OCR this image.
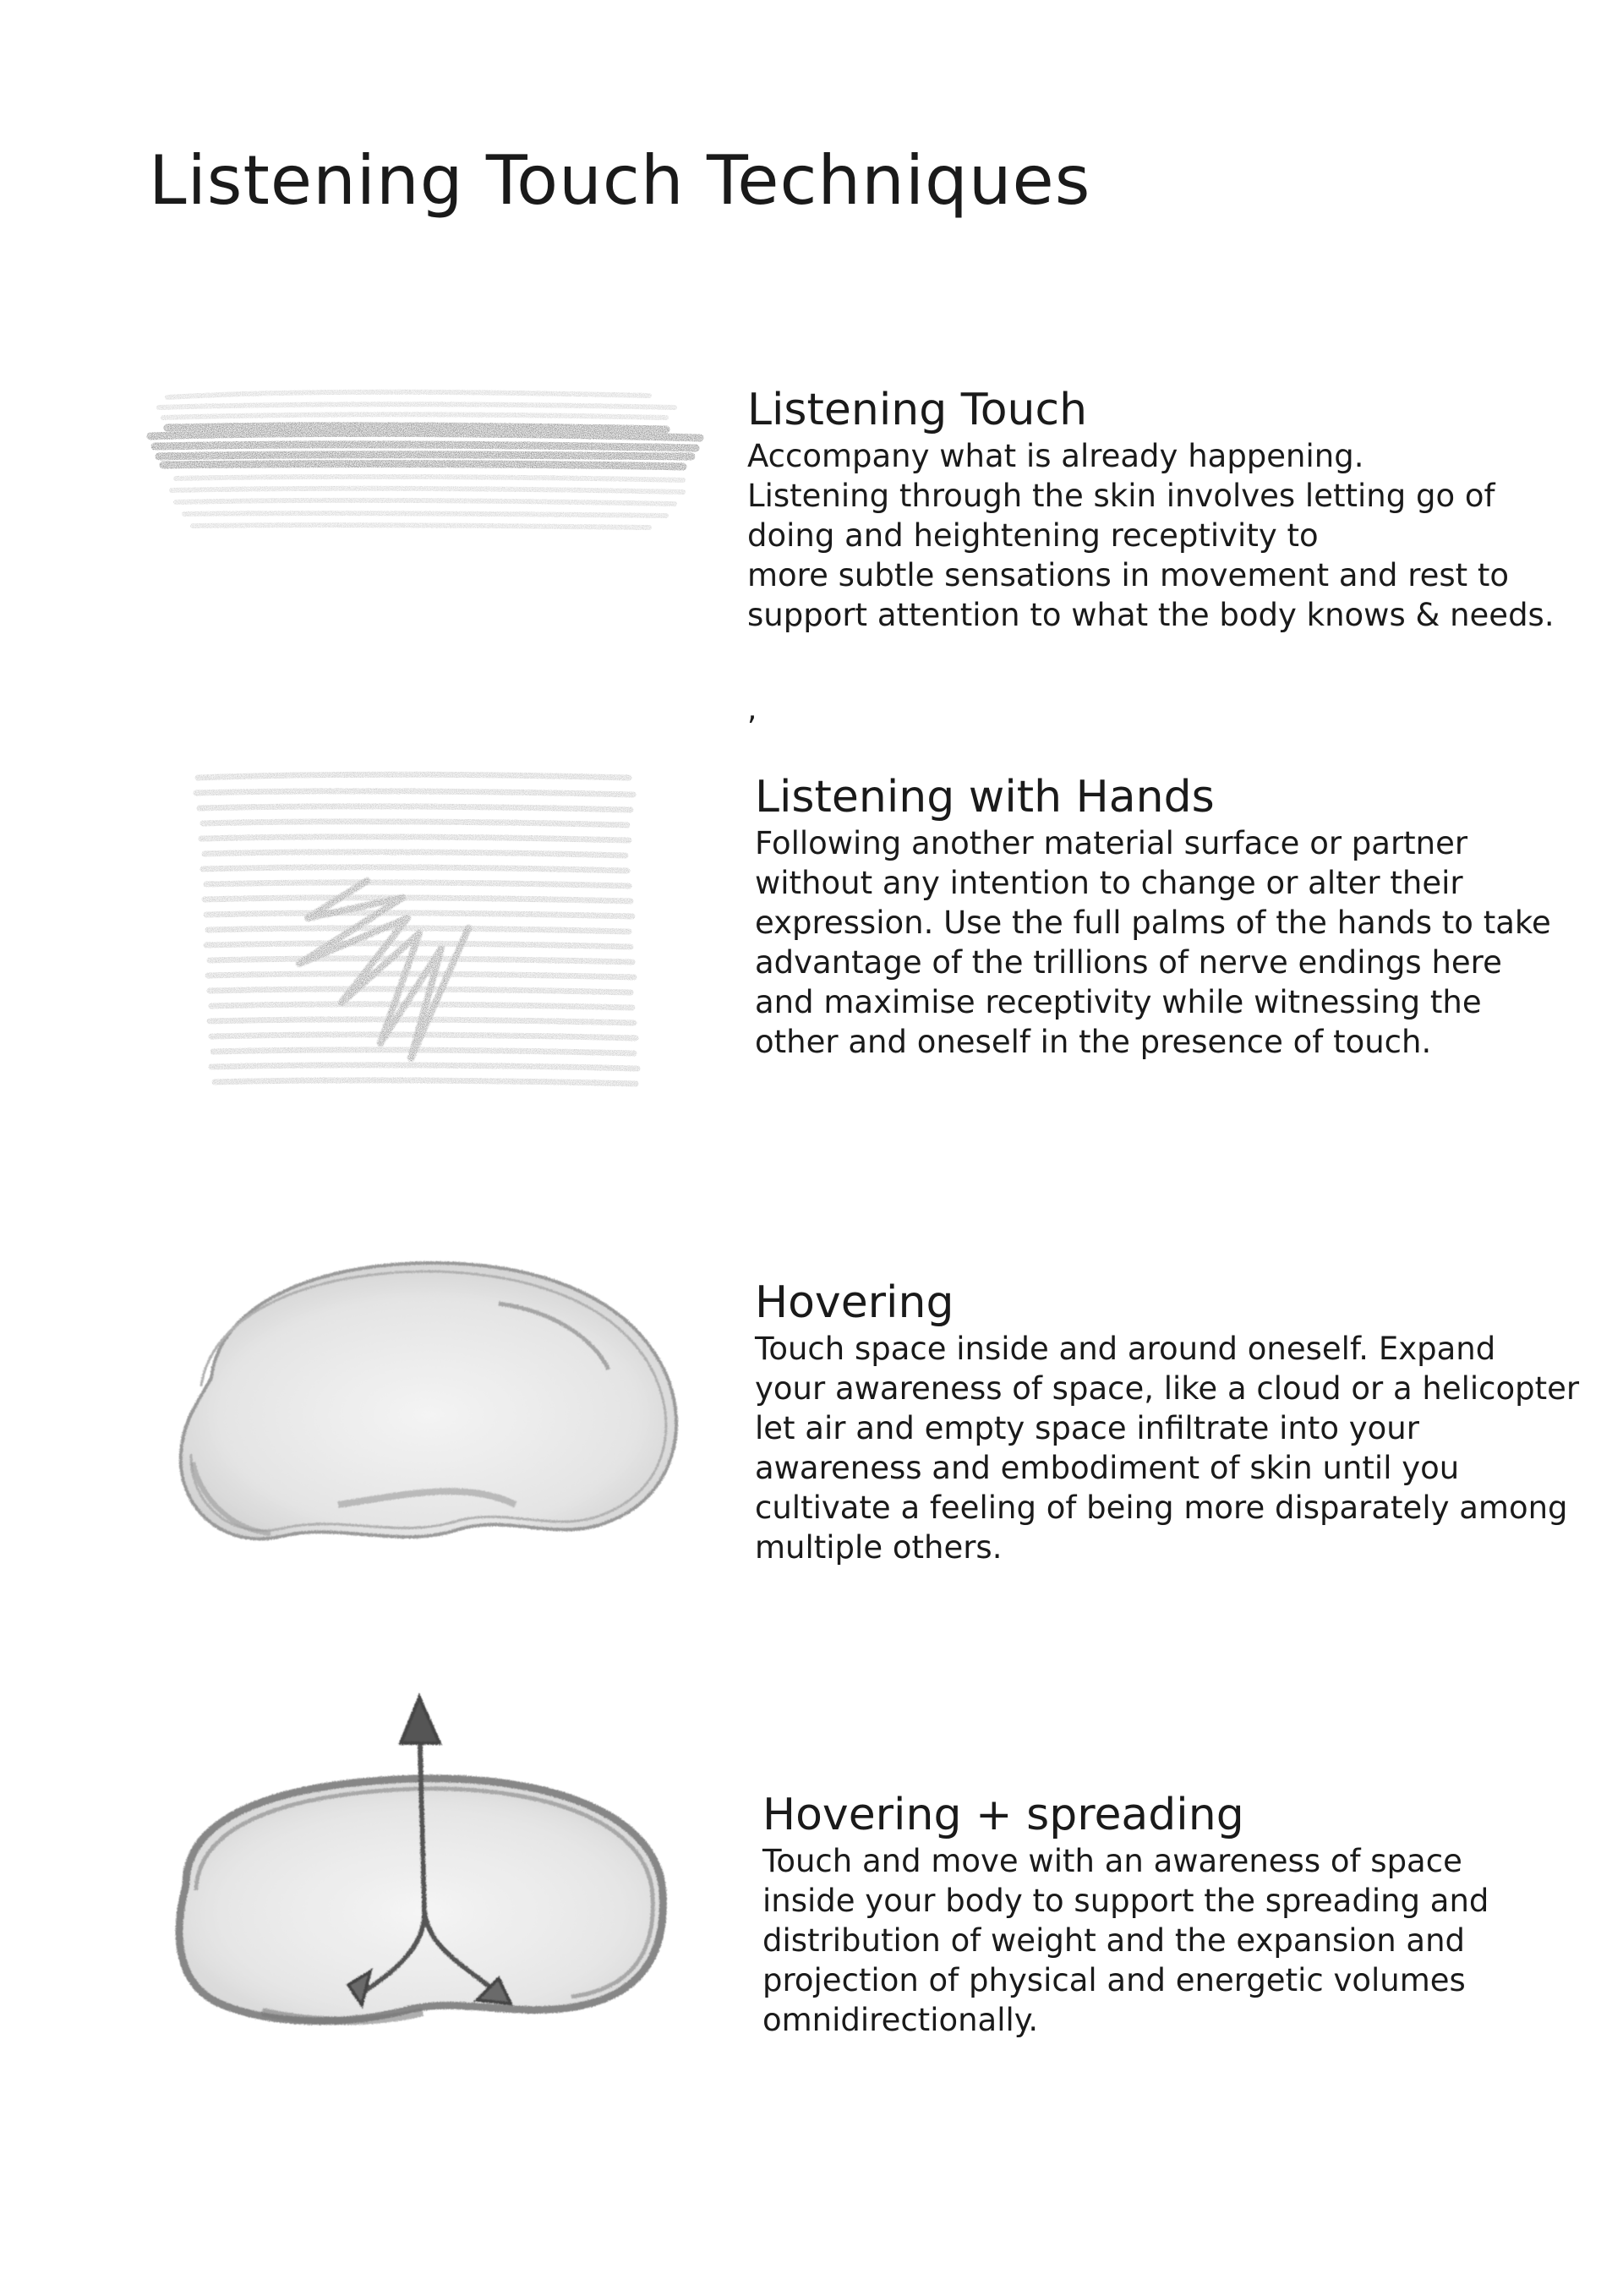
Listening Touch Techniques
Listening Touch

Accompany what is already happening.
Listening through the skin involves letting go of
doing and heightening receptivity to
more subtle sensations in movement and rest to
support attention to what the body knows & needs.

,
Listening with Hands

Following another material surface or partner
without any intention to change or alter their
expression. Use the full palms of the hands to take
advantage of the trillions of nerve endings here
and maximise receptivity while witnessing the
other and oneself in the presence of touch.

Hovering

Touch space inside and around oneself. Expand
your awareness of space, like a cloud or a helicopter
let air and empty space infiltrate into your
awareness and embodiment of skin until you
cultivate a feeling of being more disparately among
multiple others.

Hovering + spreading

Touch and move with an awareness of space
inside your body to support the spreading and
distribution of weight and the expansion and
projection of physical and energetic volumes
omnidirectionally.
